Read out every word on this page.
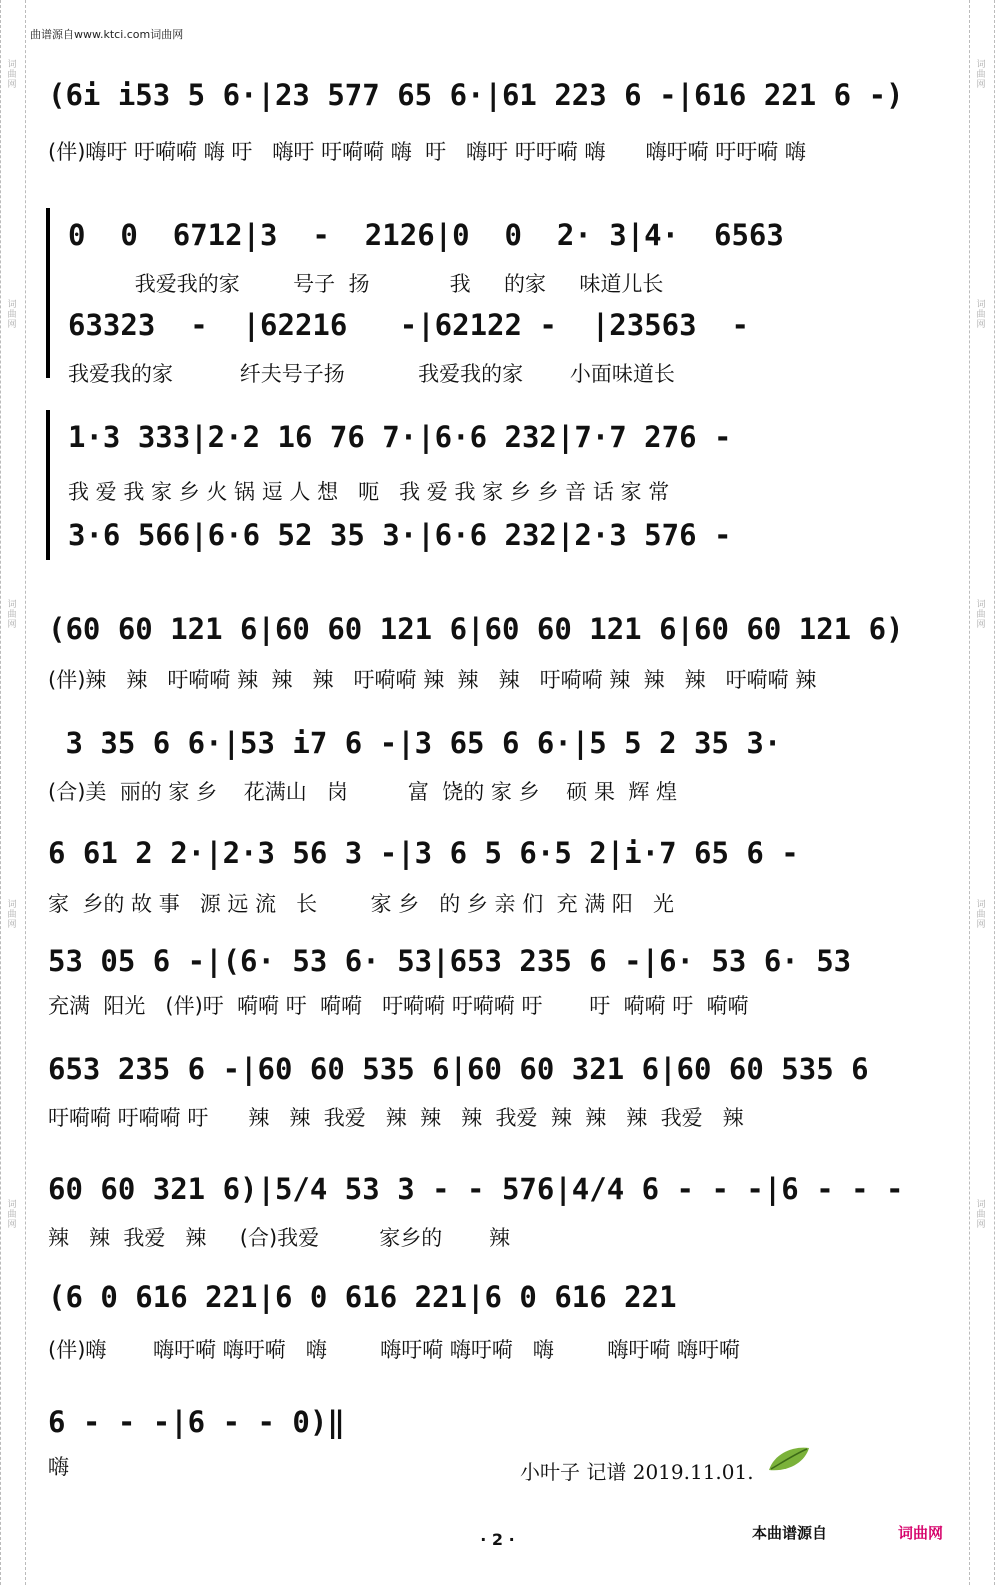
曲谱源自www.ktci.com词曲网
词
曲
网
词
曲
网
词
曲
网
词
曲
网
词
曲
网
词
曲
网
词
曲
网
词
曲
网
词
曲
网
词
曲
网
(6i i53 5 6·|23 577 65 6·|61 223 6 -|616 221 6 -)
(伴)嗨吁 吁嗬嗬 嗨 吁   嗨吁 吁嗬嗬 嗨  吁   嗨吁 吁吁嗬 嗨      嗨吁嗬 吁吁嗬 嗨
0  0  6712|3  -  2126|0  0  2· 3|4·  6563
我爱我的家        号子  扬            我     的家     味道儿长
63323  -  |62216   -|62122 -  |23563  -
我爱我的家          纤夫号子扬           我爱我的家       小面味道长
1·3 333|2·2 16 76 7·|6·6 232|7·7 276 -
我 爱 我 家 乡 火 锅 逗 人 想   呃   我 爱 我 家 乡 乡 音 话 家 常
3·6 566|6·6 52 35 3·|6·6 232|2·3 576 -
(60 60 121 6|60 60 121 6|60 60 121 6|60 60 121 6)
(伴)辣   辣   吁嗬嗬 辣  辣   辣   吁嗬嗬 辣  辣   辣   吁嗬嗬 辣  辣   辣   吁嗬嗬 辣
3 35 6 6·|53 i7 6 -|3 65 6 6·|5 5 2 35 3·
(合)美  丽的 家 乡    花满山   岗         富  饶的 家 乡    硕 果  辉 煌
6 61 2 2·|2·3 56 3 -|3 6 5 6·5 2|i·7 65 6 -
家  乡的 故 事   源 远 流   长        家 乡   的 乡 亲 们  充 满 阳   光
53 05 6 -|(6· 53 6· 53|653 235 6 -|6· 53 6· 53
充满  阳光   (伴)吁  嗬嗬 吁  嗬嗬   吁嗬嗬 吁嗬嗬 吁       吁  嗬嗬 吁  嗬嗬
653 235 6 -|60 60 535 6|60 60 321 6|60 60 535 6
吁嗬嗬 吁嗬嗬 吁      辣   辣  我爱   辣  辣   辣  我爱  辣  辣   辣  我爱   辣
60 60 321 6)|5/4 53 3 - - 576|4/4 6 - - -|6 - - -
辣   辣  我爱   辣     (合)我爱         家乡的       辣
(6 0 616 221|6 0 616 221|6 0 616 221
(伴)嗨       嗨吁嗬 嗨吁嗬   嗨        嗨吁嗬 嗨吁嗬   嗨        嗨吁嗬 嗨吁嗬
6 - - -|6 - - 0)‖
嗨	小叶子 记谱 2019.11.01.
· 2 ·	本曲谱源自	词曲网
